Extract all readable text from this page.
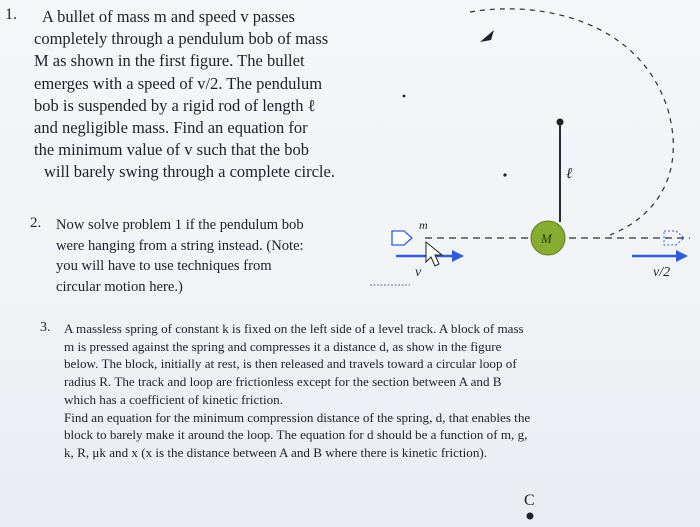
1.
2.
3.
A bullet of mass m and speed v passes
completely through a pendulum bob of mass
M as shown in the first figure. The bullet
emerges with a speed of v/2. The pendulum
bob is suspended by a rigid rod of length ℓ
and negligible mass. Find an equation for
the minimum value of v such that the bob
will barely swing through a complete circle.
Now solve problem 1 if the pendulum bob
were hanging from a string instead. (Note:
you will have to use techniques from
circular motion here.)
A massless spring of constant k is fixed on the left side of a level track. A block of mass
m is pressed against the spring and compresses it a distance d, as show in the figure
below. The block, initially at rest, is then released and travels toward a circular loop of
radius R. The track and loop are frictionless except for the section between A and B
which has a coefficient of kinetic friction.
Find an equation for the minimum compression distance of the spring, d, that enables the
block to barely make it around the loop. The equation for d should be a function of m, g,
k, R, μk and x (x is the distance between A and B where there is kinetic friction).
ℓ
M
m
v	v/2
C
